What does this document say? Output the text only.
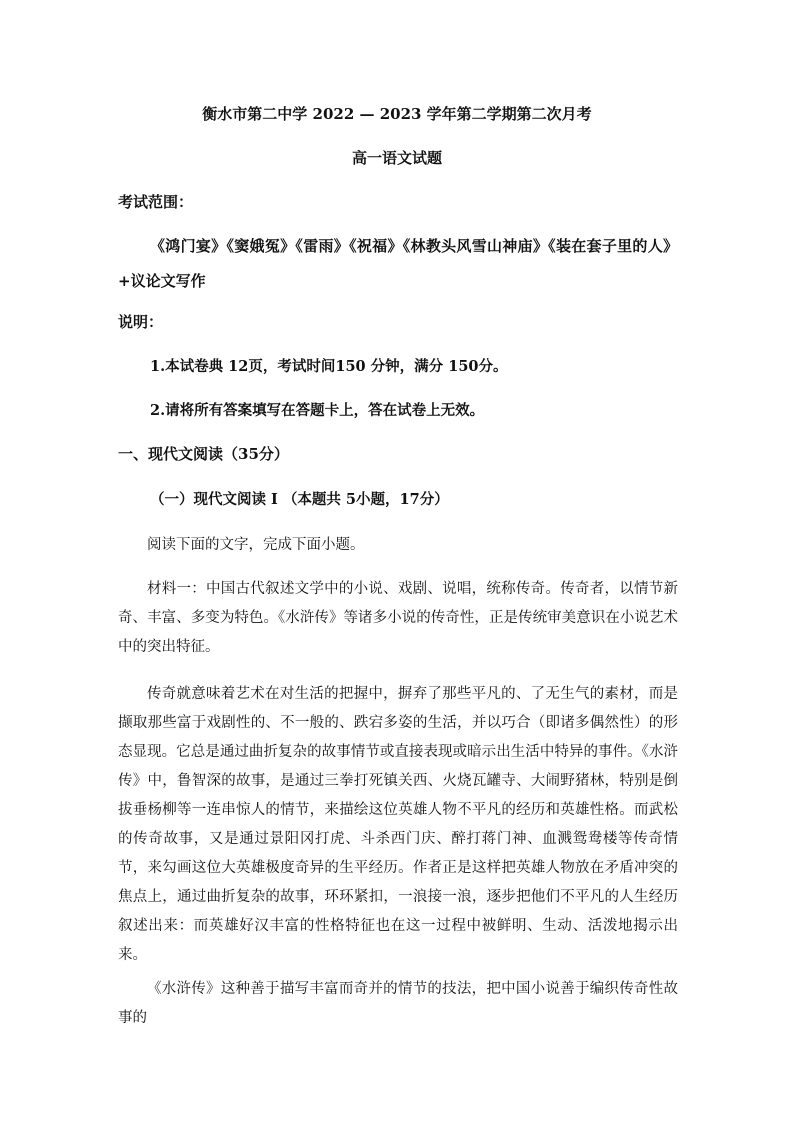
衡水市第二中学 2022 — 2023 学年第二学期第二次月考
高一语文试题
考试范围：
《鸿门宴》《窦娥冤》《雷雨》《祝福》《林教头风雪山神庙》《装在套子里的人》+议论文写作
说明：
1.本试卷典 12页，考试时间150 分钟，满分 150分。
2.请将所有答案填写在答题卡上，答在试卷上无效。
一、现代文阅读（35分）
（一）现代文阅读 I （本题共 5小题，17分）
阅读下面的文字，完成下面小题。
材料一：中国古代叙述文学中的小说、戏剧、说唱，统称传奇。传奇者，以情节新奇、丰富、多变为特色。《水浒传》等诸多小说的传奇性，正是传统审美意识在小说艺术中的突出特征。
传奇就意味着艺术在对生活的把握中，摒弃了那些平凡的、了无生气的素材，而是撷取那些富于戏剧性的、不一般的、跌宕多姿的生活，并以巧合（即诸多偶然性）的形态显现。它总是通过曲折复杂的故事情节或直接表现或暗示出生活中特异的事件。《水浒传》中，鲁智深的故事，是通过三拳打死镇关西、火烧瓦罐寺、大闹野猪林，特别是倒拔垂杨柳等一连串惊人的情节，来描绘这位英雄人物不平凡的经历和英雄性格。而武松的传奇故事，又是通过景阳冈打虎、斗杀西门庆、醉打蒋门神、血溅鸳鸯楼等传奇情节，来勾画这位大英雄极度奇异的生平经历。作者正是这样把英雄人物放在矛盾冲突的焦点上，通过曲折复杂的故事，环环紧扣，一浪接一浪，逐步把他们不平凡的人生经历叙述出来：而英雄好汉丰富的性格特征也在这一过程中被鲜明、生动、活泼地揭示出来。
《水浒传》这种善于描写丰富而奇并的情节的技法，把中国小说善于编织传奇性故事的
